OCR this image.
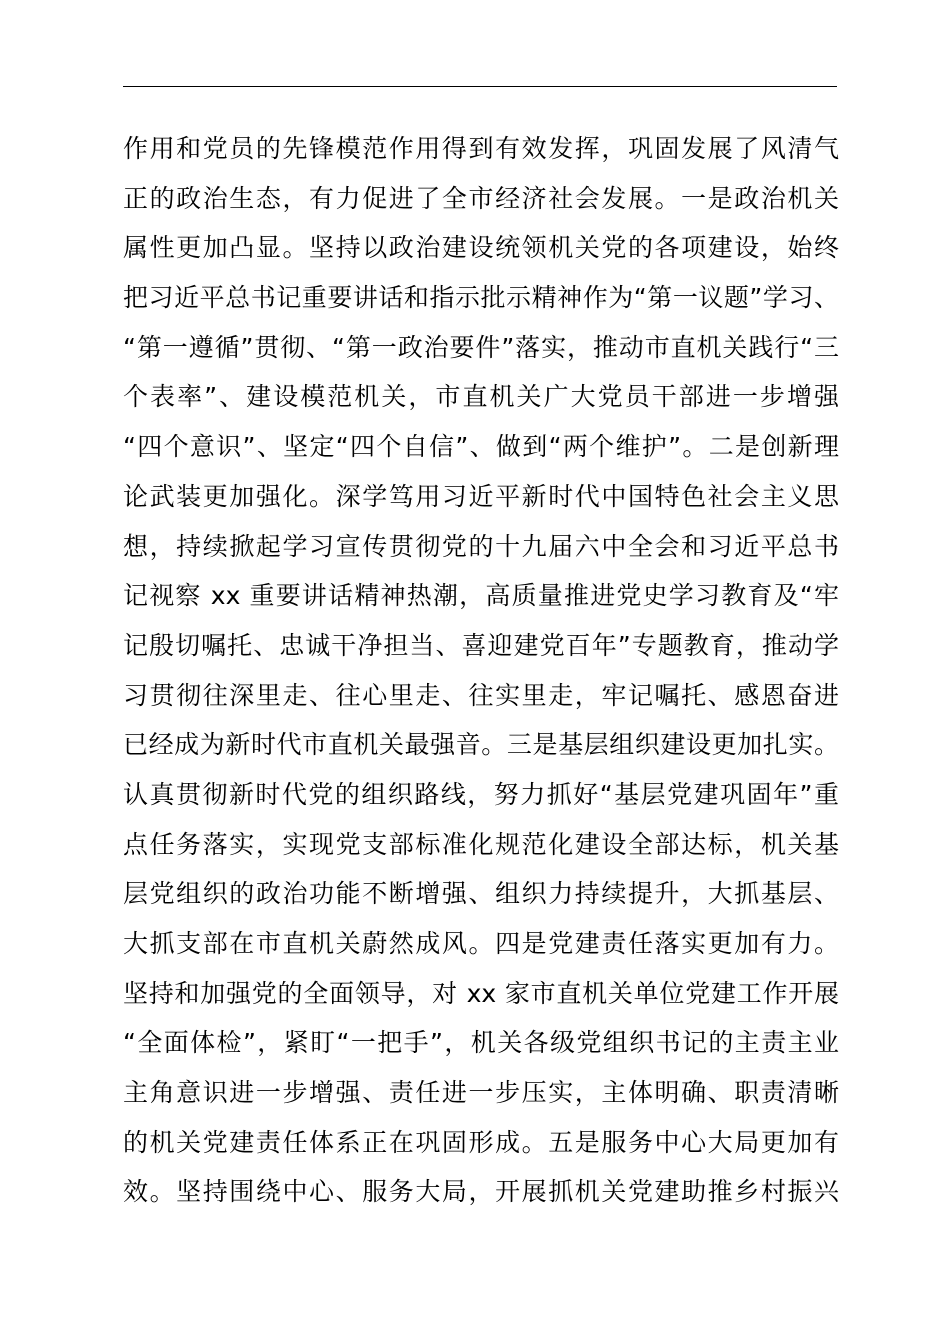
作用和党员的先锋模范作用得到有效发挥，巩固发展了风清气
正的政治生态，有力促进了全市经济社会发展。一是政治机关
属性更加凸显。坚持以政治建设统领机关党的各项建设，始终
把习近平总书记重要讲话和指示批示精神作为“第一议题”学习、
“第一遵循”贯彻、“第一政治要件”落实，推动市直机关践行“三
个表率”、建设模范机关，市直机关广大党员干部进一步增强
“四个意识”、坚定“四个自信”、做到“两个维护”。二是创新理
论武装更加强化。深学笃用习近平新时代中国特色社会主义思
想，持续掀起学习宣传贯彻党的十九届六中全会和习近平总书
记视察 xx 重要讲话精神热潮，高质量推进党史学习教育及“牢
记殷切嘱托、忠诚干净担当、喜迎建党百年”专题教育，推动学
习贯彻往深里走、往心里走、往实里走，牢记嘱托、感恩奋进
已经成为新时代市直机关最强音。三是基层组织建设更加扎实。
认真贯彻新时代党的组织路线，努力抓好“基层党建巩固年”重
点任务落实，实现党支部标准化规范化建设全部达标，机关基
层党组织的政治功能不断增强、组织力持续提升，大抓基层、
大抓支部在市直机关蔚然成风。四是党建责任落实更加有力。
坚持和加强党的全面领导，对 xx 家市直机关单位党建工作开展
“全面体检”，紧盯“一把手”，机关各级党组织书记的主责主业
主角意识进一步增强、责任进一步压实，主体明确、职责清晰
的机关党建责任体系正在巩固形成。五是服务中心大局更加有
效。坚持围绕中心、服务大局，开展抓机关党建助推乡村振兴
